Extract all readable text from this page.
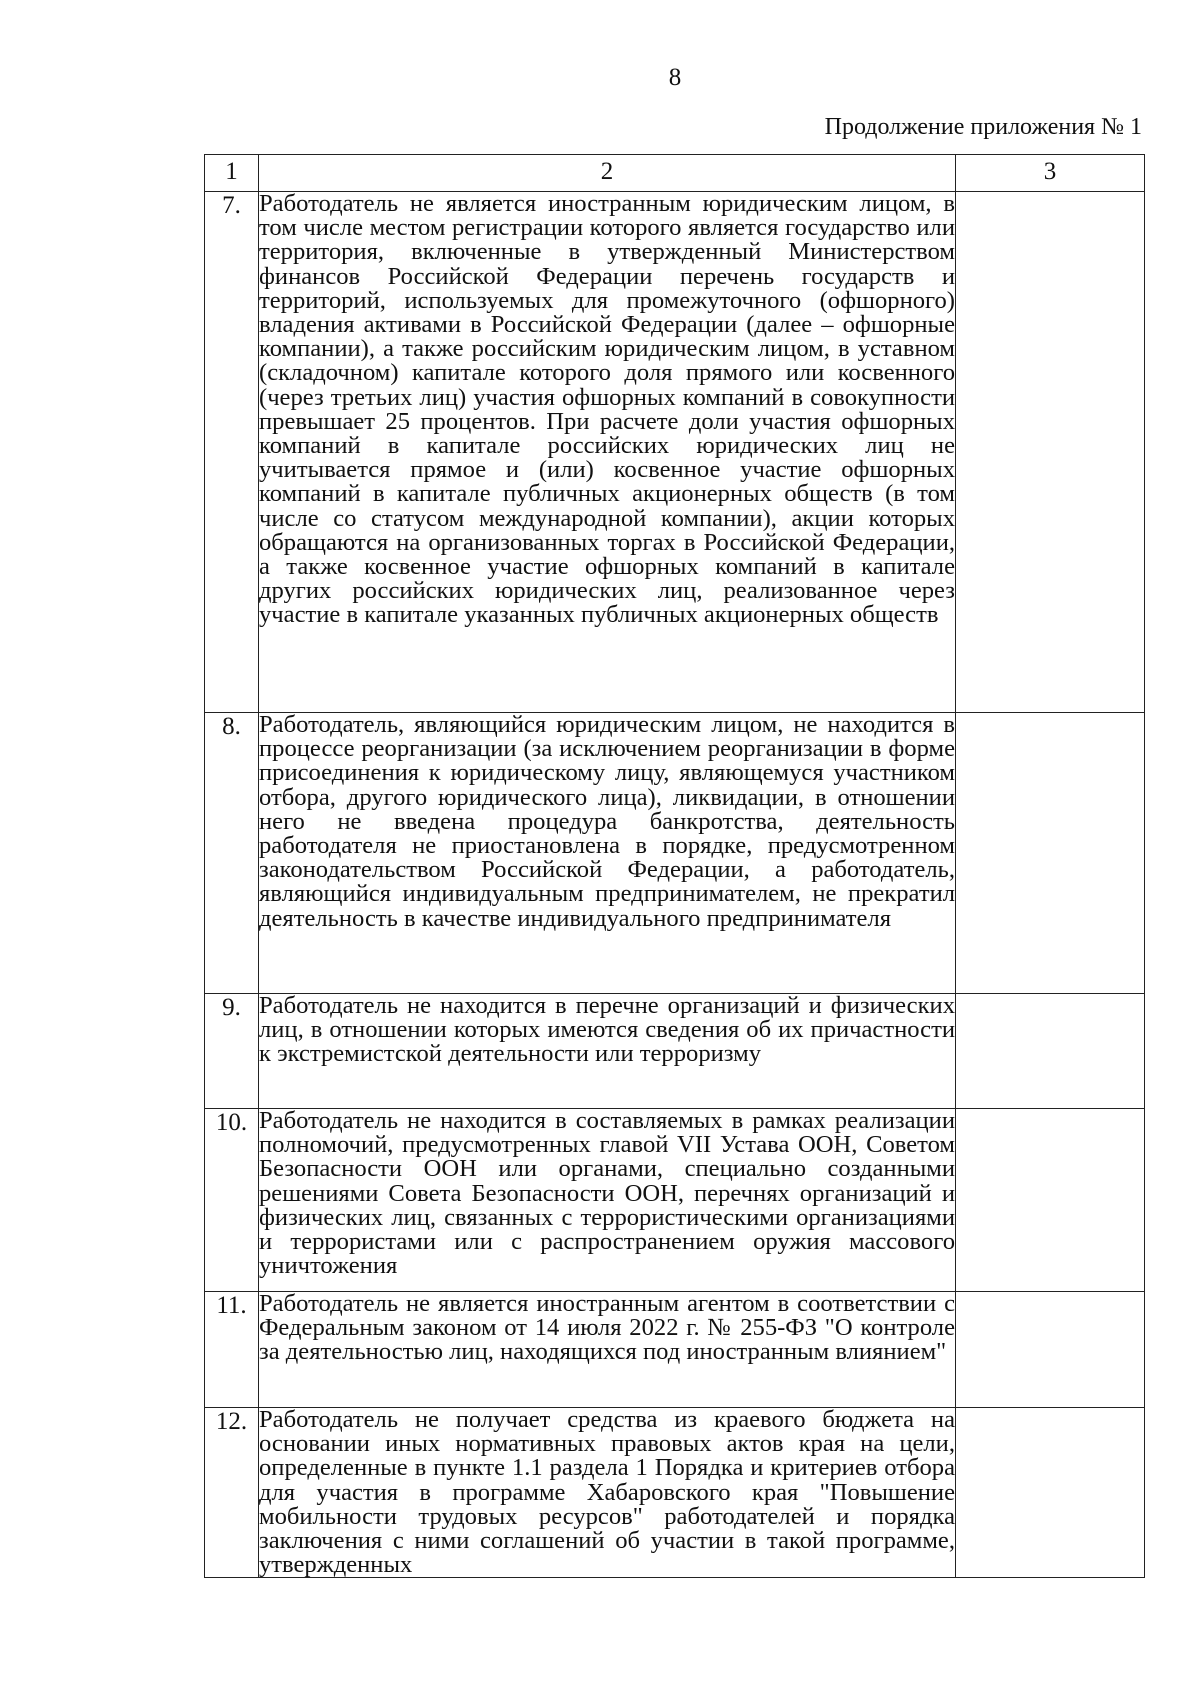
8
Продолжение приложения № 1
1	2	3
7.	Работодатель не является иностранным юридическим лицом, в том числе местом регистрации которого является государство или территория, включенные в утвержденный Министерством финансов Российской Федерации перечень государств и территорий, используемых для промежуточного (офшорного) владения активами в Российской Федерации (далее – офшорные компании), а также российским юридическим лицом, в уставном (складочном) капитале которого доля прямого или косвенного (через третьих лиц) участия офшорных компаний в совокупности превышает 25 процентов. При расчете доли участия офшорных компаний в капитале российских юридических лиц не учитывается прямое и (или) косвенное участие офшорных компаний в капитале публичных акционерных обществ (в том числе со статусом международной компании), акции которых обращаются на организованных торгах в Российской Федерации, а также косвенное участие офшорных компаний в капитале других российских юридических лиц, реализованное через участие в капитале указанных публичных акционерных обществ	
8.	Работодатель, являющийся юридическим лицом, не находится в процессе реорганизации (за исключением реорганизации в форме присоединения к юридическому лицу, являющемуся участником отбора, другого юридического лица), ликвидации, в отношении него не введена процедура банкротства, деятельность работодателя не приостановлена в порядке, предусмотренном законодательством Российской Федерации, а работодатель, являющийся индивидуальным предпринимателем, не прекратил деятельность в качестве индивидуального предпринимателя	
9.	Работодатель не находится в перечне организаций и физических лиц, в отношении которых имеются сведения об их причастности к экстремистской деятельности или терроризму	
10.	Работодатель не находится в составляемых в рамках реализации полномочий, предусмотренных главой VII Устава ООН, Советом Безопасности ООН или органами, специально созданными решениями Совета Безопасности ООН, перечнях организаций и физических лиц, связанных с террористическими организациями и террористами или с распространением оружия массового уничтожения	
11.	Работодатель не является иностранным агентом в соответствии с Федеральным законом от 14 июля 2022 г. № 255-ФЗ "О контроле за деятельностью лиц, находящихся под иностранным влиянием"	
12.	Работодатель не получает средства из краевого бюджета на основании иных нормативных правовых актов края на цели, определенные в пункте 1.1 раздела 1 Порядка и критериев отбора для участия в программе Хабаровского края "Повышение мобильности трудовых ресурсов" работодателей и порядка заключения с ними соглашений об участии в такой программе, утвержденных	
